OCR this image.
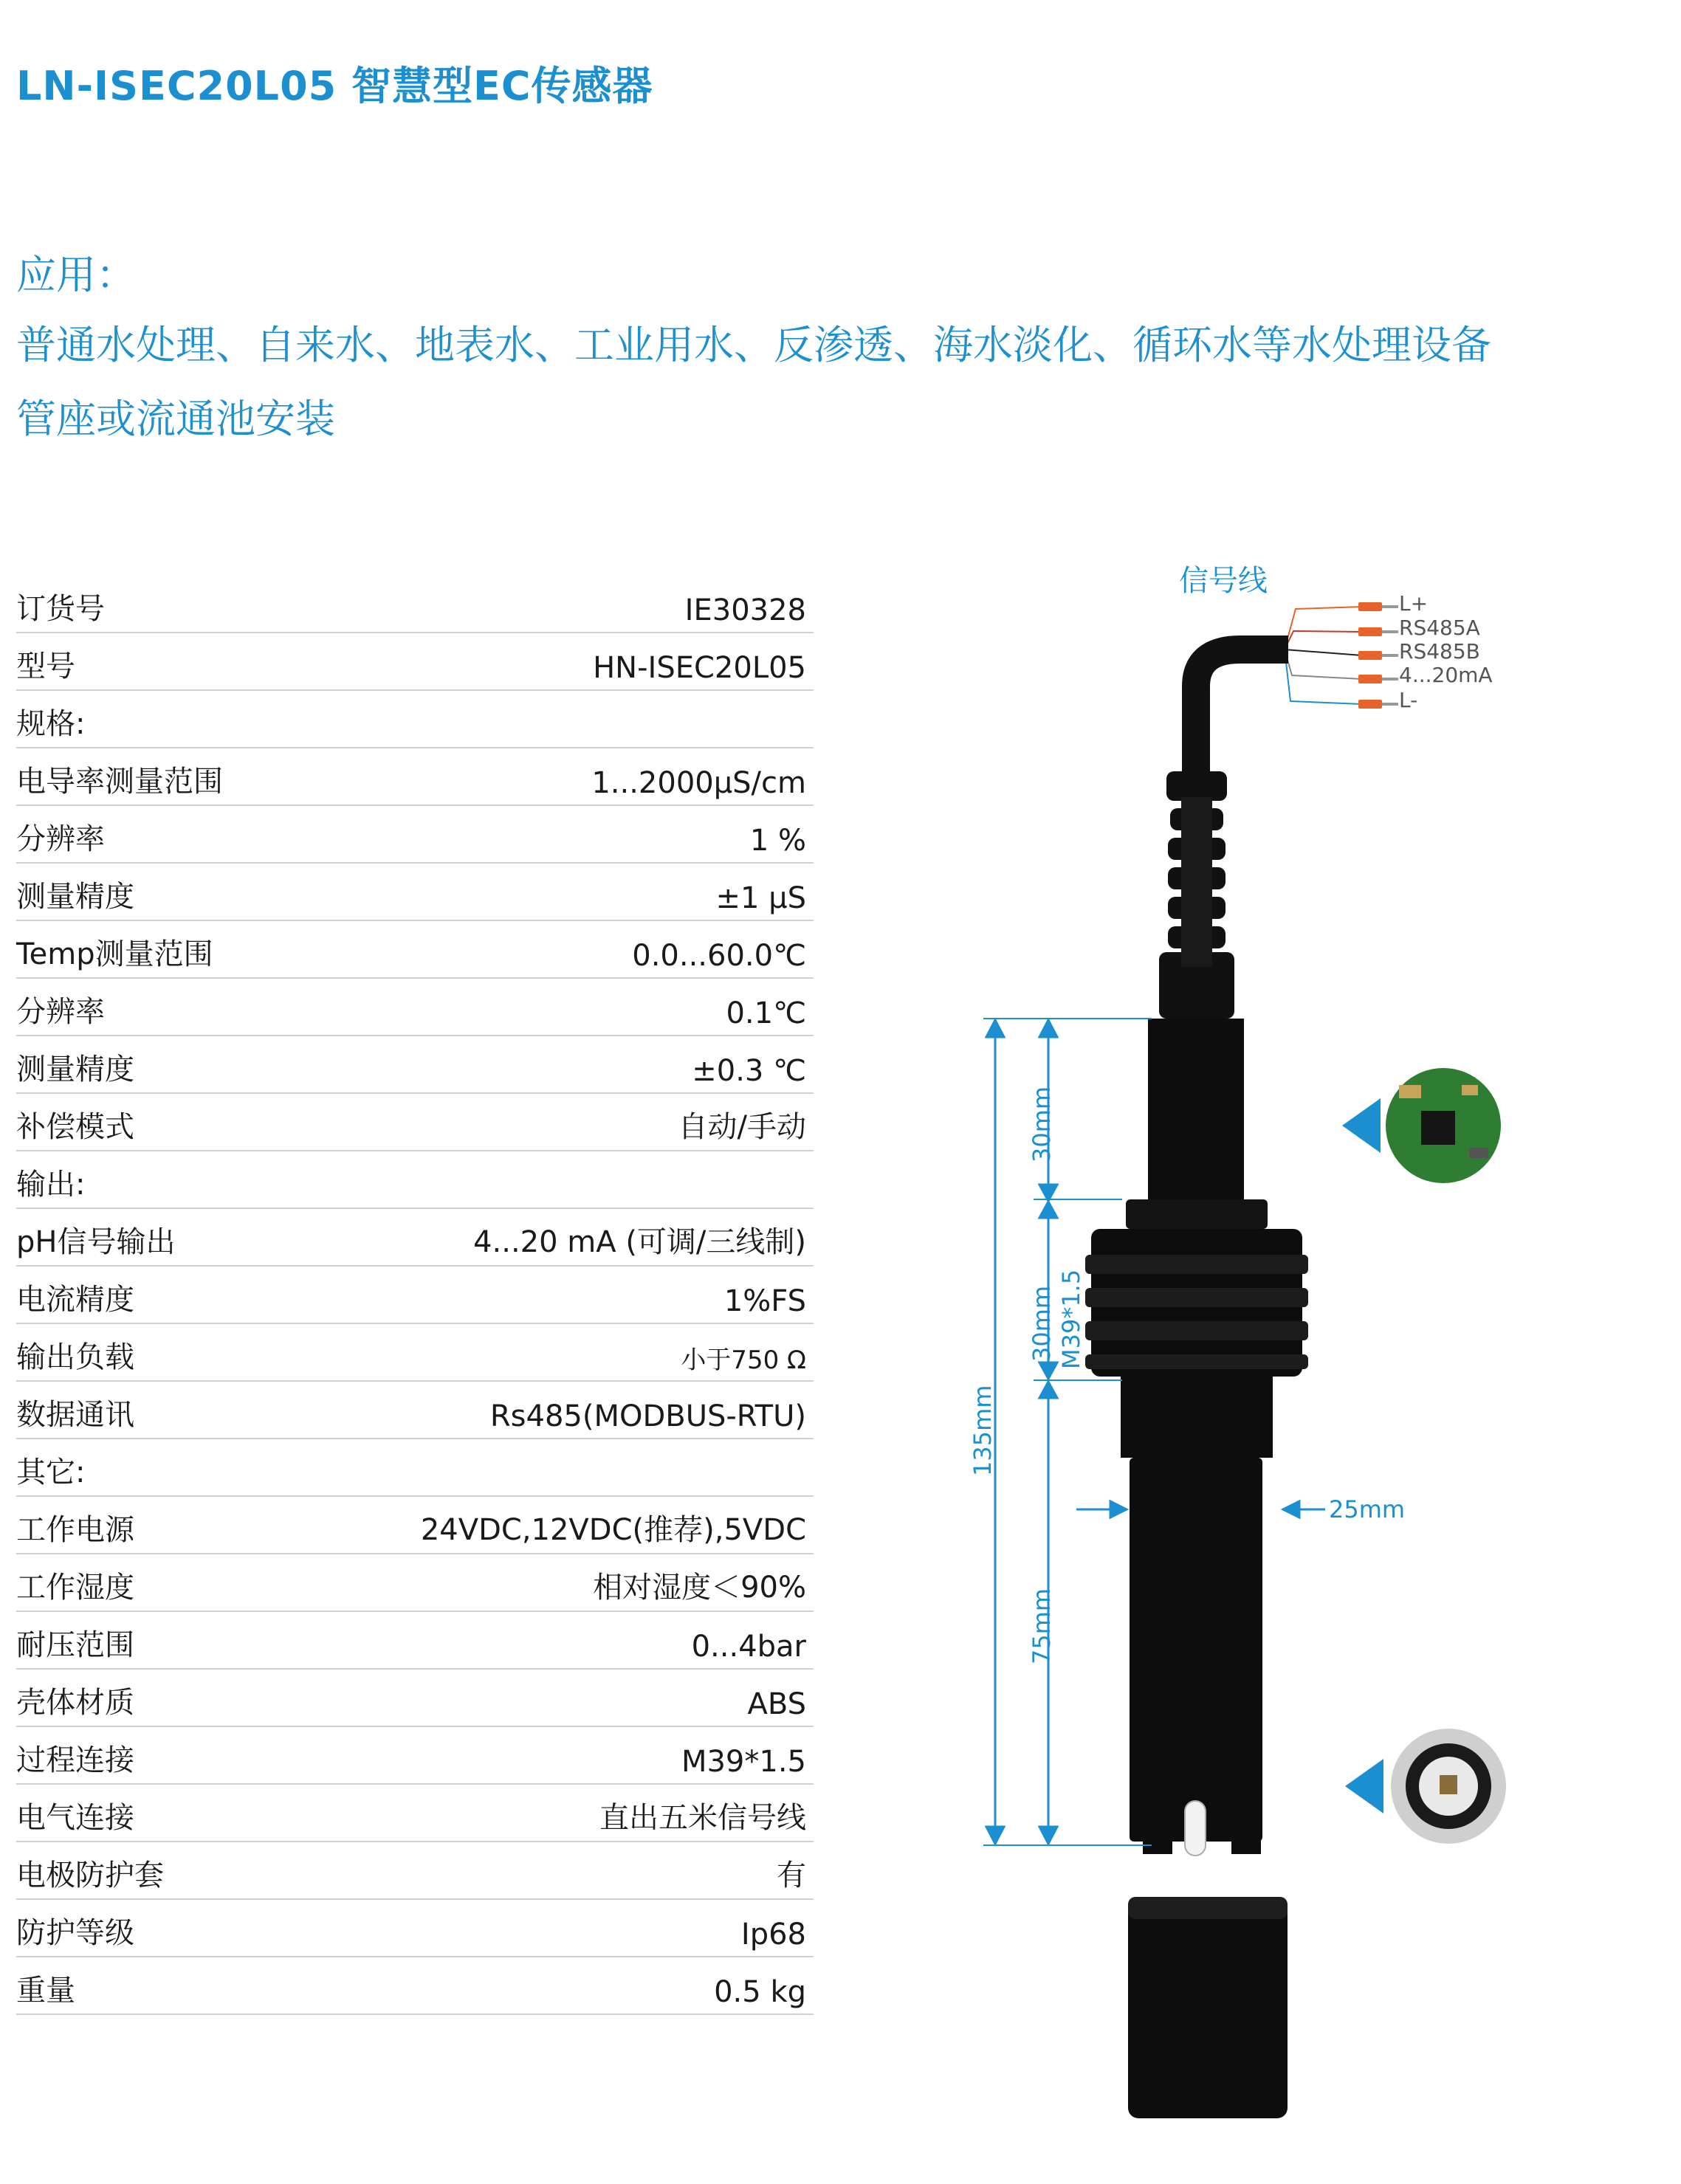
LN-ISEC20L05 智慧型EC传感器
应用：
普通水处理、自来水、地表水、工业用水、反渗透、海水淡化、循环水等水处理设备
管座或流通池安装
订货号	IE30328
型号	HN-ISEC20L05
规格:
电导率测量范围	1...2000μS/cm
分辨率	1 %
测量精度	±1 μS
Temp测量范围	0.0...60.0℃
分辨率	0.1℃
测量精度	±0.3 ℃
补偿模式	自动/手动
输出:
pH信号输出	4...20 mA (可调/三线制)
电流精度	1%FS
输出负载	小于750 Ω
数据通讯	Rs485(MODBUS-RTU)
其它:
工作电源	24VDC,12VDC(推荐),5VDC
工作湿度	相对湿度＜90%
耐压范围	0...4bar
壳体材质	ABS
过程连接	M39*1.5
电气连接	直出五米信号线
电极防护套	有
防护等级	Ip68
重量	0.5 kg
信号线
L+
RS485A
RS485B
4...20mA
L-
135mm
30mm
30mm M39*1.5
75mm
25mm
